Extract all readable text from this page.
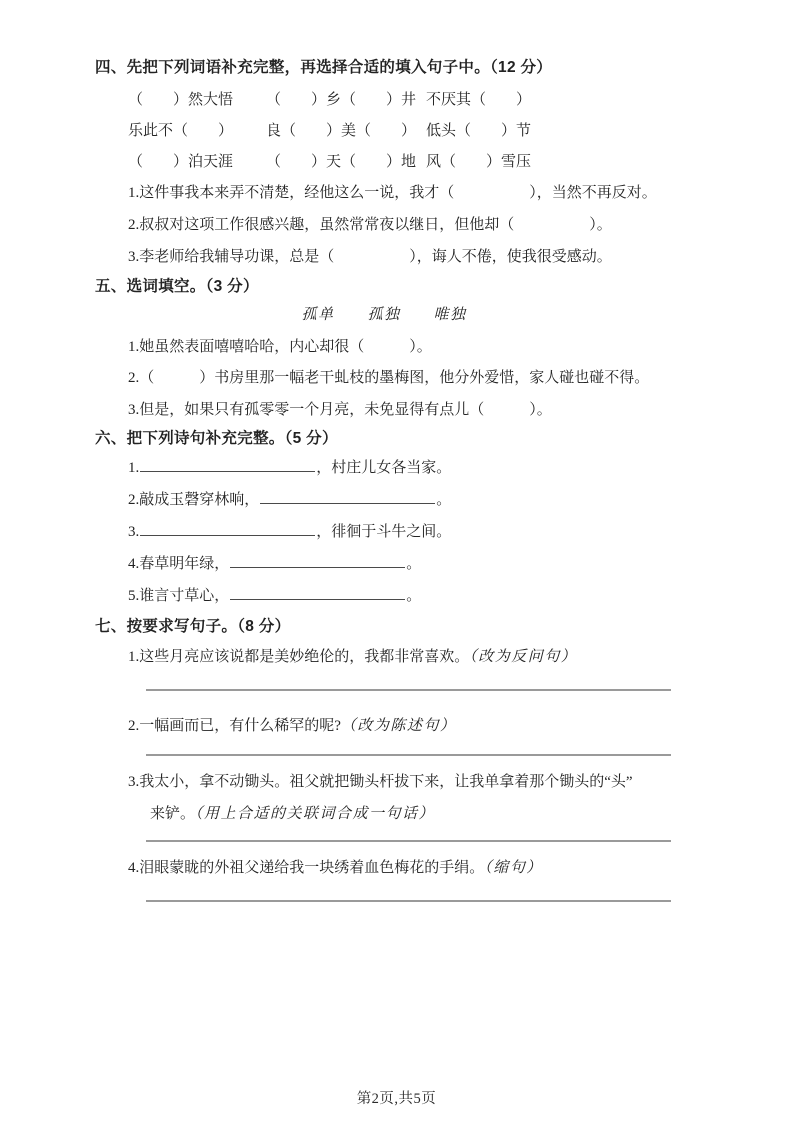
四、先把下列词语补充完整，再选择合适的填入句子中。（12 分）
（　　）然大悟	（　　）乡（　　）井 不厌其（　　）
乐此不（　　）	良（　　）美（　　） 低头（　　）节
（　　）泊天涯	（　　）天（　　）地 风（　　）雪压
1.这件事我本来弄不清楚，经他这么一说，我才（　　　　　），当然不再反对。
2.叔叔对这项工作很感兴趣，虽然常常夜以继日，但他却（　　　　　）。
3.李老师给我辅导功课，总是（　　　　　），诲人不倦，使我很受感动。
五、选词填空。（3 分）
孤单　　孤独　　唯独
1.她虽然表面嘻嘻哈哈，内心却很（　　　）。
2.（　　　）书房里那一幅老干虬枝的墨梅图，他分外爱惜，家人碰也碰不得。
3.但是，如果只有孤零零一个月亮，未免显得有点儿（　　　）。
六、把下列诗句补充完整。（5 分）
1.	，村庄儿女各当家。
2.敲成玉磬穿林响，	。
3.	，徘徊于斗牛之间。
4.春草明年绿，	。
5.谁言寸草心，	。
七、按要求写句子。（8 分）
1.这些月亮应该说都是美妙绝伦的，我都非常喜欢。（改为反问句）
2.一幅画而已，有什么稀罕的呢?（改为陈述句）
3.我太小，拿不动锄头。祖父就把锄头杆拔下来，让我单拿着那个锄头的“头”
来铲。（用上合适的关联词合成一句话）
4.泪眼蒙眬的外祖父递给我一块绣着血色梅花的手绢。（缩句）
第2页,共5页
